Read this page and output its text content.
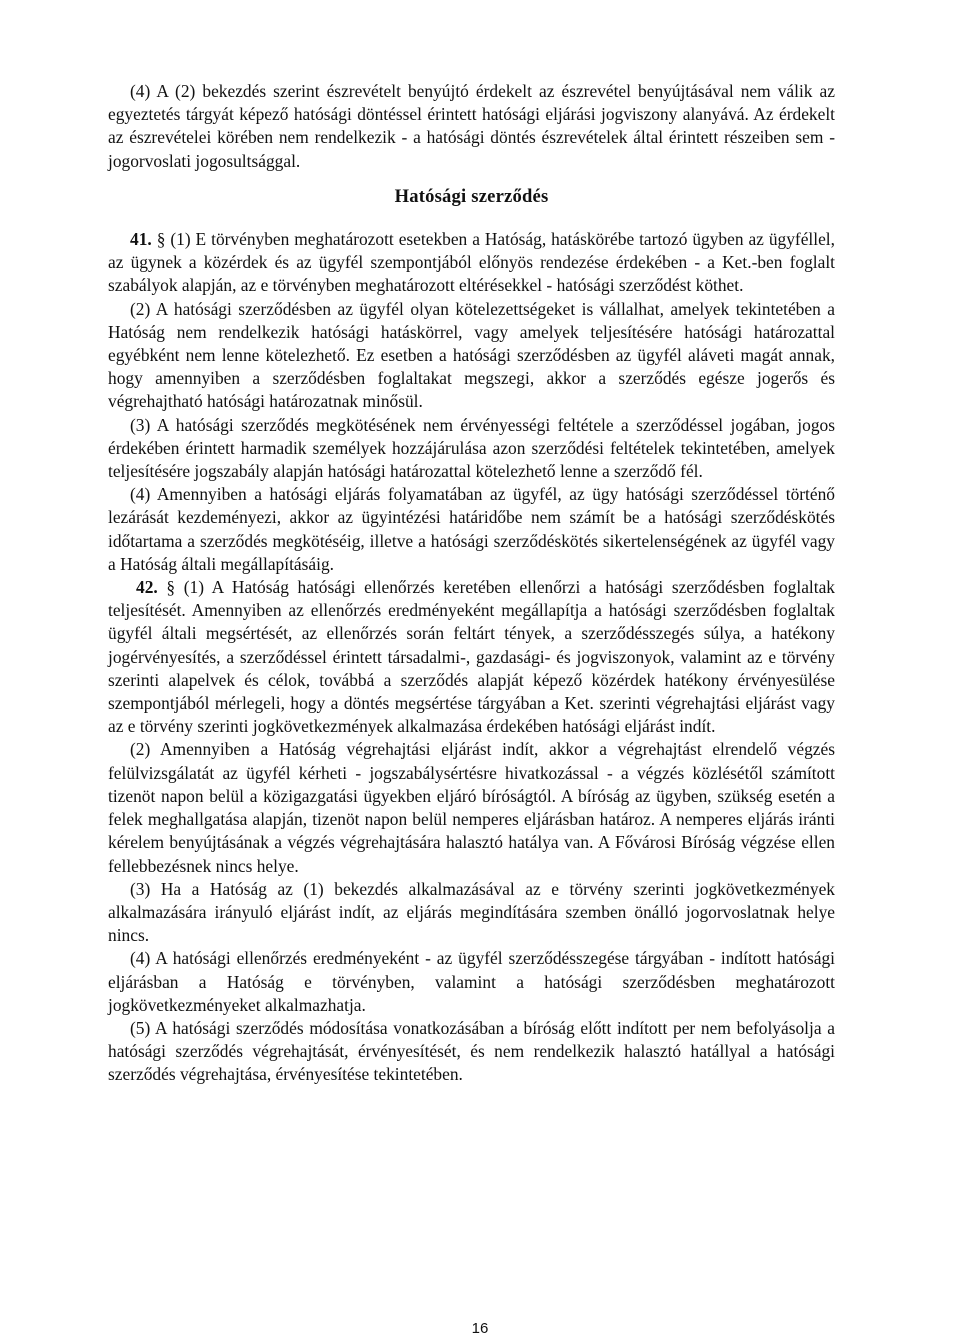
(4) A (2) bekezdés szerint észrevételt benyújtó érdekelt az észrevétel benyújtásával nem válik az egyeztetés tárgyát képező hatósági döntéssel érintett hatósági eljárási jogviszony alanyává. Az érdekelt az észrevételei körében nem rendelkezik - a hatósági döntés észrevételek által érintett részeiben sem - jogorvoslati jogosultsággal.

Hatósági szerződés

41. § (1) E törvényben meghatározott esetekben a Hatóság, hatáskörébe tartozó ügyben az ügyféllel, az ügynek a közérdek és az ügyfél szempontjából előnyös rendezése érdekében - a Ket.-ben foglalt szabályok alapján, az e törvényben meghatározott eltérésekkel - hatósági szerződést köthet.

(2) A hatósági szerződésben az ügyfél olyan kötelezettségeket is vállalhat, amelyek tekintetében a Hatóság nem rendelkezik hatósági hatáskörrel, vagy amelyek teljesítésére hatósági határozattal egyébként nem lenne kötelezhető. Ez esetben a hatósági szerződésben az ügyfél aláveti magát annak, hogy amennyiben a szerződésben foglaltakat megszegi, akkor a szerződés egésze jogerős és végrehajtható hatósági határozatnak minősül.

(3) A hatósági szerződés megkötésének nem érvényességi feltétele a szerződéssel jogában, jogos érdekében érintett harmadik személyek hozzájárulása azon szerződési feltételek tekintetében, amelyek teljesítésére jogszabály alapján hatósági határozattal kötelezhető lenne a szerződő fél.

(4) Amennyiben a hatósági eljárás folyamatában az ügyfél, az ügy hatósági szerződéssel történő lezárását kezdeményezi, akkor az ügyintézési határidőbe nem számít be a hatósági szerződéskötés időtartama a szerződés megkötéséig, illetve a hatósági szerződéskötés sikertelenségének az ügyfél vagy a Hatóság általi megállapításáig.

42. § (1) A Hatóság hatósági ellenőrzés keretében ellenőrzi a hatósági szerződésben foglaltak teljesítését. Amennyiben az ellenőrzés eredményeként megállapítja a hatósági szerződésben foglaltak ügyfél általi megsértését, az ellenőrzés során feltárt tények, a szerződésszegés súlya, a hatékony jogérvényesítés, a szerződéssel érintett társadalmi-, gazdasági- és jogviszonyok, valamint az e törvény szerinti alapelvek és célok, továbbá a szerződés alapját képező közérdek hatékony érvényesülése szempontjából mérlegeli, hogy a döntés megsértése tárgyában a Ket. szerinti végrehajtási eljárást vagy az e törvény szerinti jogkövetkezmények alkalmazása érdekében hatósági eljárást indít.

(2) Amennyiben a Hatóság végrehajtási eljárást indít, akkor a végrehajtást elrendelő végzés felülvizsgálatát az ügyfél kérheti - jogszabálysértésre hivatkozással - a végzés közlésétől számított tizenöt napon belül a közigazgatási ügyekben eljáró bíróságtól. A bíróság az ügyben, szükség esetén a felek meghallgatása alapján, tizenöt napon belül nemperes eljárásban határoz. A nemperes eljárás iránti kérelem benyújtásának a végzés végrehajtására halasztó hatálya van. A Fővárosi Bíróság végzése ellen fellebbezésnek nincs helye.

(3) Ha a Hatóság az (1) bekezdés alkalmazásával az e törvény szerinti jogkövetkezmények alkalmazására irányuló eljárást indít, az eljárás megindítására szemben önálló jogorvoslatnak helye nincs.

(4) A hatósági ellenőrzés eredményeként - az ügyfél szerződésszegése tárgyában - indított hatósági eljárásban a Hatóság e törvényben, valamint a hatósági szerződésben meghatározott jogkövetkezményeket alkalmazhatja.

(5) A hatósági szerződés módosítása vonatkozásában a bíróság előtt indított per nem befolyásolja a hatósági szerződés végrehajtását, érvényesítését, és nem rendelkezik halasztó hatállyal a hatósági szerződés végrehajtása, érvényesítése tekintetében.

16
